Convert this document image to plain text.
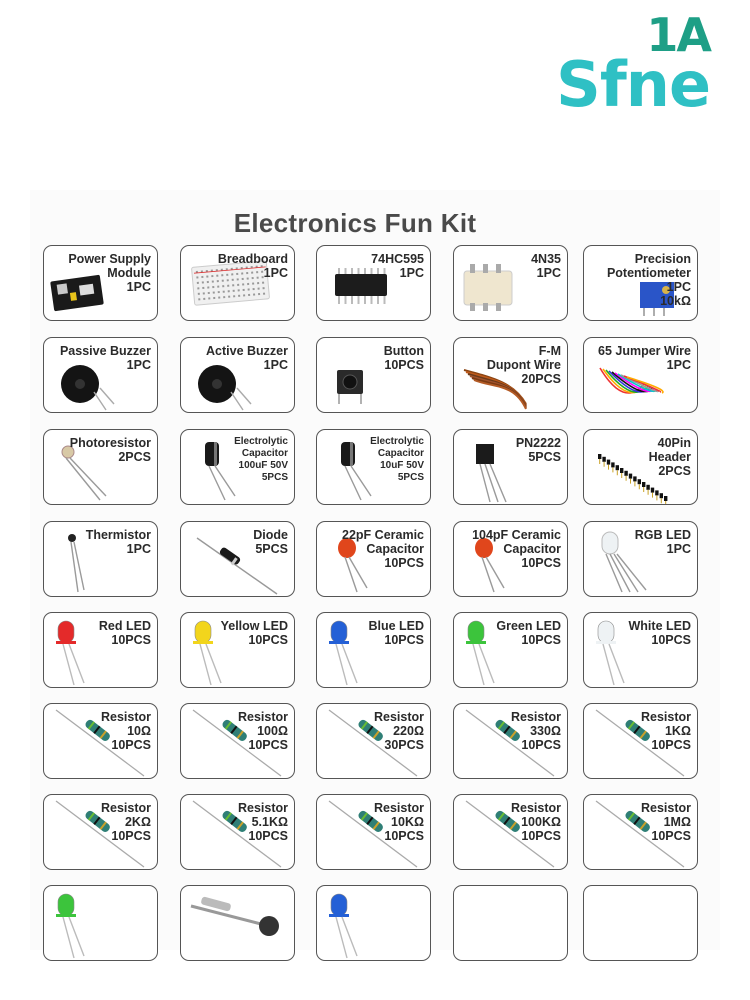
1A
Sfne
Electronics Fun Kit
Power Supply
Module
1PC
Breadboard
1PC
74HC595
1PC
4N35
1PC
Precision
Potentiometer
1PC
10kΩ
Passive Buzzer
1PC
Active Buzzer
1PC
Button
10PCS
F-M
Dupont Wire
20PCS
65 Jumper Wire
1PC
Photoresistor
2PCS
Electrolytic
Capacitor
100uF 50V
5PCS
Electrolytic
Capacitor
10uF 50V
5PCS
PN2222
5PCS
40Pin
Header
2PCS
Thermistor
1PC
Diode
5PCS
22pF Ceramic
Capacitor
10PCS
104pF Ceramic
Capacitor
10PCS
RGB LED
1PC
Red LED
10PCS
Yellow LED
10PCS
Blue LED
10PCS
Green LED
10PCS
White LED
10PCS
Resistor
10Ω
10PCS
Resistor
100Ω
10PCS
Resistor
220Ω
30PCS
Resistor
330Ω
10PCS
Resistor
1KΩ
10PCS
Resistor
2KΩ
10PCS
Resistor
5.1KΩ
10PCS
Resistor
10KΩ
10PCS
Resistor
100KΩ
10PCS
Resistor
1MΩ
10PCS
